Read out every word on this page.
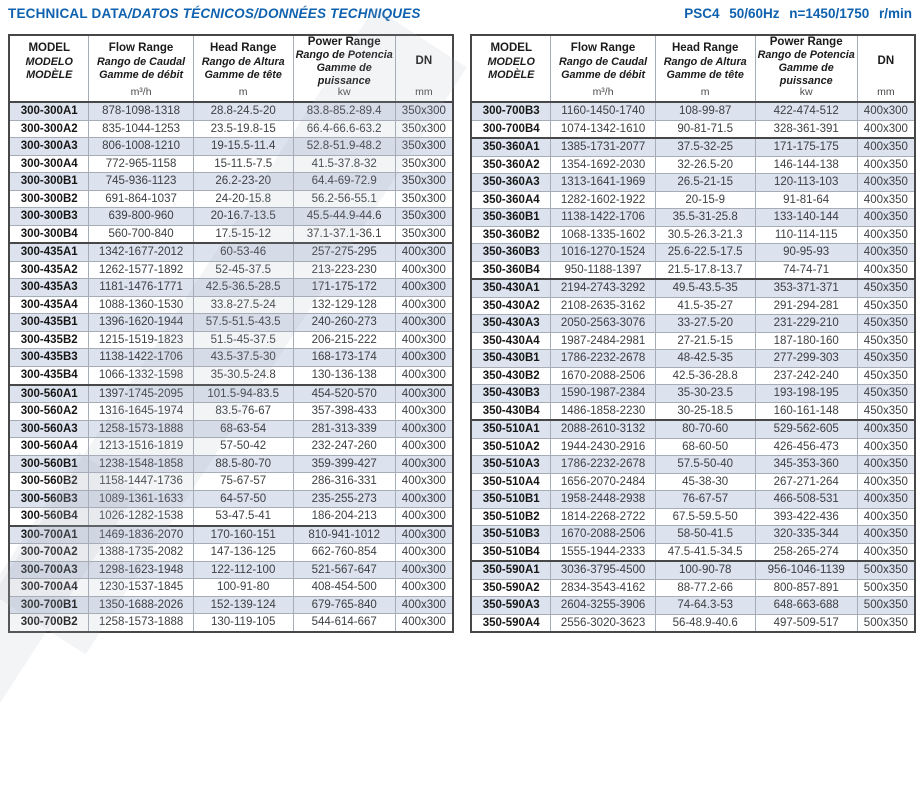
TECHNICAL DATA/DATOS TÉCNICOS/DONNÉES TECHNIQUES	PSC4 50/60Hz n=1450/1750 r/min
MODEL
MODELO
MODÈLE

Flow Range
Rango de Caudal
Gamme de débit
m³/h

Head Range
Rango de Altura
Gamme de tête
m

Power Range
Rango de Potencia
Gamme de puissance
kw

DN
mm

300-300A1	878-1098-1318	28.8-24.5-20	83.8-85.2-89.4	350x300
300-300A2	835-1044-1253	23.5-19.8-15	66.4-66.6-63.2	350x300
300-300A3	806-1008-1210	19-15.5-11.4	52.8-51.9-48.2	350x300
300-300A4	772-965-1158	15-11.5-7.5	41.5-37.8-32	350x300
300-300B1	745-936-1123	26.2-23-20	64.4-69-72.9	350x300
300-300B2	691-864-1037	24-20-15.8	56.2-56-55.1	350x300
300-300B3	639-800-960	20-16.7-13.5	45.5-44.9-44.6	350x300
300-300B4	560-700-840	17.5-15-12	37.1-37.1-36.1	350x300
300-435A1	1342-1677-2012	60-53-46	257-275-295	400x300
300-435A2	1262-1577-1892	52-45-37.5	213-223-230	400x300
300-435A3	1181-1476-1771	42.5-36.5-28.5	171-175-172	400x300
300-435A4	1088-1360-1530	33.8-27.5-24	132-129-128	400x300
300-435B1	1396-1620-1944	57.5-51.5-43.5	240-260-273	400x300
300-435B2	1215-1519-1823	51.5-45-37.5	206-215-222	400x300
300-435B3	1138-1422-1706	43.5-37.5-30	168-173-174	400x300
300-435B4	1066-1332-1598	35-30.5-24.8	130-136-138	400x300
300-560A1	1397-1745-2095	101.5-94-83.5	454-520-570	400x300
300-560A2	1316-1645-1974	83.5-76-67	357-398-433	400x300
300-560A3	1258-1573-1888	68-63-54	281-313-339	400x300
300-560A4	1213-1516-1819	57-50-42	232-247-260	400x300
300-560B1	1238-1548-1858	88.5-80-70	359-399-427	400x300
300-560B2	1158-1447-1736	75-67-57	286-316-331	400x300
300-560B3	1089-1361-1633	64-57-50	235-255-273	400x300
300-560B4	1026-1282-1538	53-47.5-41	186-204-213	400x300
300-700A1	1469-1836-2070	170-160-151	810-941-1012	400x300
300-700A2	1388-1735-2082	147-136-125	662-760-854	400x300
300-700A3	1298-1623-1948	122-112-100	521-567-647	400x300
300-700A4	1230-1537-1845	100-91-80	408-454-500	400x300
300-700B1	1350-1688-2026	152-139-124	679-765-840	400x300
300-700B2	1258-1573-1888	130-119-105	544-614-667	400x300
MODEL
MODELO
MODÈLE

Flow Range
Rango de Caudal
Gamme de débit
m³/h

Head Range
Rango de Altura
Gamme de tête
m

Power Range
Rango de Potencia
Gamme de puissance
kw

DN
mm

300-700B3	1160-1450-1740	108-99-87	422-474-512	400x300
300-700B4	1074-1342-1610	90-81-71.5	328-361-391	400x300
350-360A1	1385-1731-2077	37.5-32-25	171-175-175	400x350
350-360A2	1354-1692-2030	32-26.5-20	146-144-138	400x350
350-360A3	1313-1641-1969	26.5-21-15	120-113-103	400x350
350-360A4	1282-1602-1922	20-15-9	91-81-64	400x350
350-360B1	1138-1422-1706	35.5-31-25.8	133-140-144	400x350
350-360B2	1068-1335-1602	30.5-26.3-21.3	110-114-115	400x350
350-360B3	1016-1270-1524	25.6-22.5-17.5	90-95-93	400x350
350-360B4	950-1188-1397	21.5-17.8-13.7	74-74-71	400x350
350-430A1	2194-2743-3292	49.5-43.5-35	353-371-371	450x350
350-430A2	2108-2635-3162	41.5-35-27	291-294-281	450x350
350-430A3	2050-2563-3076	33-27.5-20	231-229-210	450x350
350-430A4	1987-2484-2981	27-21.5-15	187-180-160	450x350
350-430B1	1786-2232-2678	48-42.5-35	277-299-303	450x350
350-430B2	1670-2088-2506	42.5-36-28.8	237-242-240	450x350
350-430B3	1590-1987-2384	35-30-23.5	193-198-195	450x350
350-430B4	1486-1858-2230	30-25-18.5	160-161-148	450x350
350-510A1	2088-2610-3132	80-70-60	529-562-605	400x350
350-510A2	1944-2430-2916	68-60-50	426-456-473	400x350
350-510A3	1786-2232-2678	57.5-50-40	345-353-360	400x350
350-510A4	1656-2070-2484	45-38-30	267-271-264	400x350
350-510B1	1958-2448-2938	76-67-57	466-508-531	400x350
350-510B2	1814-2268-2722	67.5-59.5-50	393-422-436	400x350
350-510B3	1670-2088-2506	58-50-41.5	320-335-344	400x350
350-510B4	1555-1944-2333	47.5-41.5-34.5	258-265-274	400x350
350-590A1	3036-3795-4500	100-90-78	956-1046-1139	500x350
350-590A2	2834-3543-4162	88-77.2-66	800-857-891	500x350
350-590A3	2604-3255-3906	74-64.3-53	648-663-688	500x350
350-590A4	2556-3020-3623	56-48.9-40.6	497-509-517	500x350
